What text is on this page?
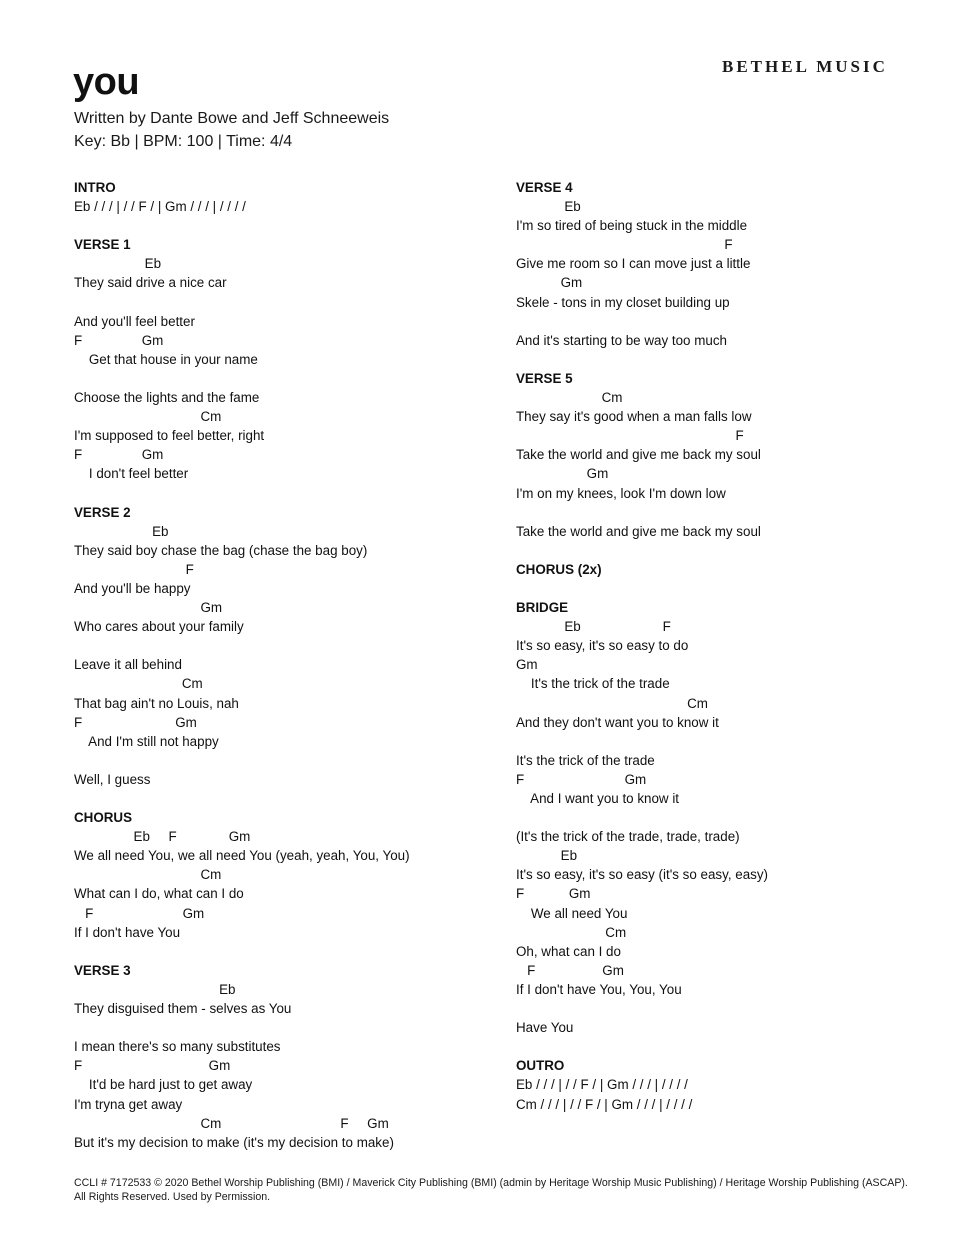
BETHEL MUSIC
you
Written by Dante Bowe and Jeff Schneeweis
Key: Bb | BPM: 100 | Time: 4/4
INTRO
Eb / / / | / / F / | Gm / / / | / / / /
VERSE 1
Eb
They said drive a nice car
And you'll feel better
F                Gm
Get that house in your name
Choose the lights and the fame
Cm
I'm supposed to feel better, right
F                Gm
I don't feel better
VERSE 2
Eb
They said boy chase the bag (chase the bag boy)
F
And you'll be happy
Gm
Who cares about your family
Leave it all behind
Cm
That bag ain't no Louis, nah
F                         Gm
And I'm still not happy
Well, I guess
CHORUS
Eb     F              Gm
We all need You, we all need You (yeah, yeah, You, You)
Cm
What can I do, what can I do
F                        Gm
If I don't have You
VERSE 3
Eb
They disguised them - selves as You
I mean there's so many substitutes
F                                  Gm
It'd be hard just to get away
I'm tryna get away
Cm                                F     Gm
But it's my decision to make (it's my decision to make)
VERSE 4
Eb
I'm so tired of being stuck in the middle
F
Give me room so I can move just a little
Gm
Skele - tons in my closet building up
And it's starting to be way too much
VERSE 5
Cm
They say it's good when a man falls low
F
Take the world and give me back my soul
Gm
I'm on my knees, look I'm down low
Take the world and give me back my soul
CHORUS (2x)
BRIDGE
Eb                      F
It's so easy, it's so easy to do
Gm
It's the trick of the trade
Cm
And they don't want you to know it
It's the trick of the trade
F                           Gm
And I want you to know it
(It's the trick of the trade, trade, trade)
Eb
It's so easy, it's so easy (it's so easy, easy)
F            Gm
We all need You
Cm
Oh, what can I do
F                  Gm
If I don't have You, You, You
Have You
OUTRO
Eb / / / | / / F / | Gm / / / | / / / /
Cm / / / | / / F / | Gm / / / | / / / /
CCLI # 7172533 © 2020 Bethel Worship Publishing (BMI) / Maverick City Publishing (BMI) (admin by Heritage Worship Music Publishing) / Heritage Worship Publishing (ASCAP). All Rights Reserved. Used by Permission.
